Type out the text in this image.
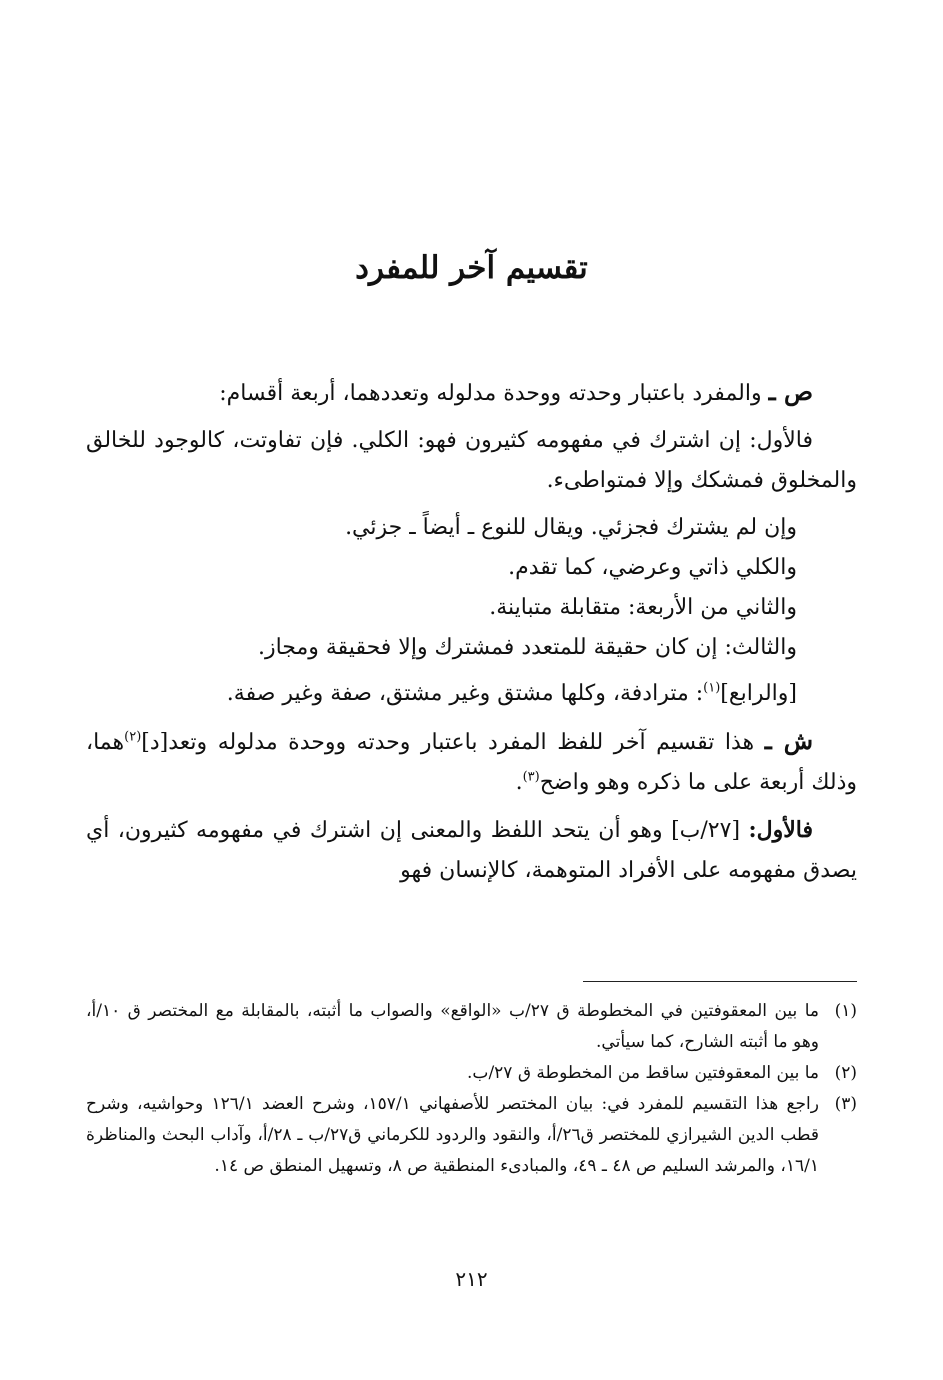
تقسيم آخر للمفرد

ص ـ والمفرد باعتبار وحدته ووحدة مدلوله وتعددهما، أربعة أقسام:

فالأول: إن اشترك في مفهومه كثيرون فهو: الكلي. فإن تفاوتت، كالوجود للخالق والمخلوق فمشكك وإلا فمتواطىء.

وإن لم يشترك فجزئي. ويقال للنوع ـ أيضاً ـ جزئي.

والكلي ذاتي وعرضي، كما تقدم.

والثاني من الأربعة: متقابلة متباينة.

والثالث: إن كان حقيقة للمتعدد فمشترك وإلا فحقيقة ومجاز.

[والرابع]$^{(١)}$: مترادفة، وكلها مشتق وغير مشتق، صفة وغير صفة.

ش ـ هذا تقسيم آخر للفظ المفرد باعتبار وحدته ووحدة مدلوله وتعد[د]$^{(٢)}$هما، وذلك أربعة على ما ذكره وهو واضح$^{(٣)}$.

فالأول: [٢٧/ب] وهو أن يتحد اللفظ والمعنى إن اشترك في مفهومه كثيرون، أي يصدق مفهومه على الأفراد المتوهمة، كالإنسان فهو

(١)
ما بين المعقوفتين في المخطوطة ق ٢٧/ب «الواقع» والصواب ما أثبته، بالمقابلة مع المختصر ق ١٠/أ، وهو ما أثبته الشارح، كما سيأتي.
(٢)
ما بين المعقوفتين ساقط من المخطوطة ق ٢٧/ب.
(٣)
راجع هذا التقسيم للمفرد في: بيان المختصر للأصفهاني ١٥٧/١، وشرح العضد ١٢٦/١ وحواشيه، وشرح قطب الدين الشيرازي للمختصر ق٢٦/أ، والنقود والردود للكرماني ق٢٧/ب ـ ٢٨/أ، وآداب البحث والمناظرة ١٦/١، والمرشد السليم ص ٤٨ ـ ٤٩، والمبادىء المنطقية ص ٨، وتسهيل المنطق ص ١٤.
٢١٢
